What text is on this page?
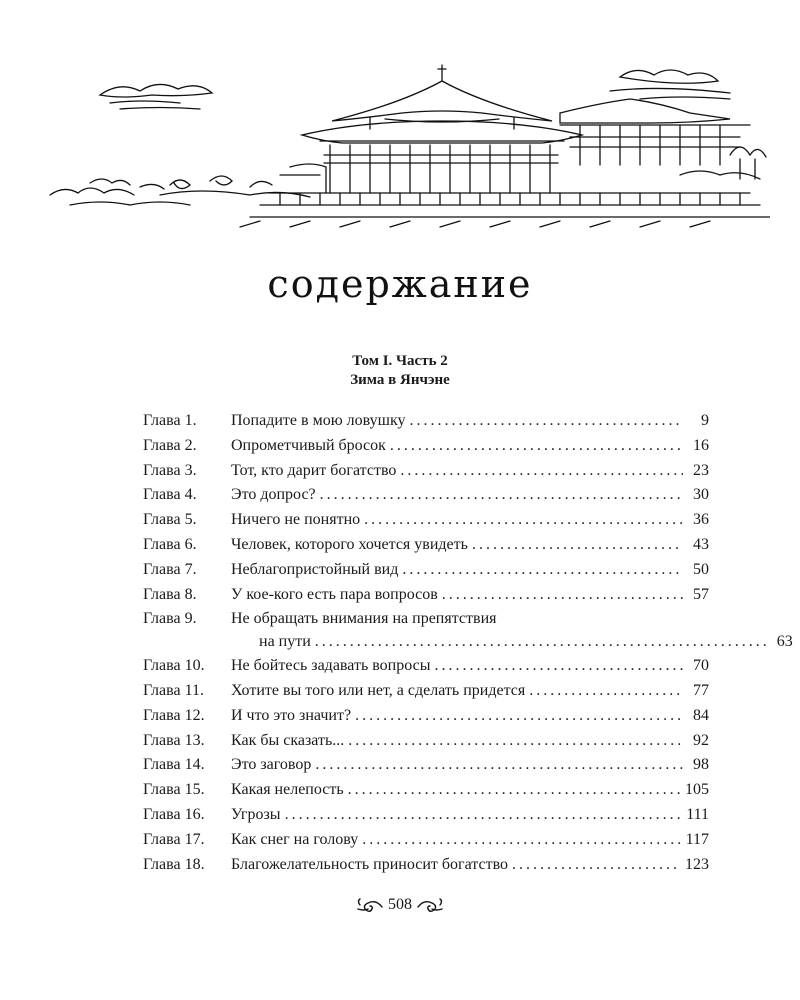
содержание
Том I. Часть 2
Зима в Янчэне
Глава 1.	Попадите в мою ловушку . . .	9
Глава 2.	Опрометчивый бросок . . .	16
Глава 3.	Тот, кто дарит богатство . . .	23
Глава 4.	Это допрос? . . .	30
Глава 5.	Ничего не понятно . . .	36
Глава 6.	Человек, которого хочется увидеть . . .	43
Глава 7.	Неблагопристойный вид . . .	50
Глава 8.	У кое-кого есть пара вопросов . . .	57
Глава 9.	Не обращать внимания на препятствия
на пути . . .	63
Глава 10.	Не бойтесь задавать вопросы . . .	70
Глава 11.	Хотите вы того или нет, а сделать придется . . .	77
Глава 12.	И что это значит? . . .	84
Глава 13.	Как бы сказать... . . .	92
Глава 14.	Это заговор . . .	98
Глава 15.	Какая нелепость . . .	105
Глава 16.	Угрозы . . .	111
Глава 17.	Как снег на голову . . .	117
Глава 18.	Благожелательность приносит богатство . . .	123
508
